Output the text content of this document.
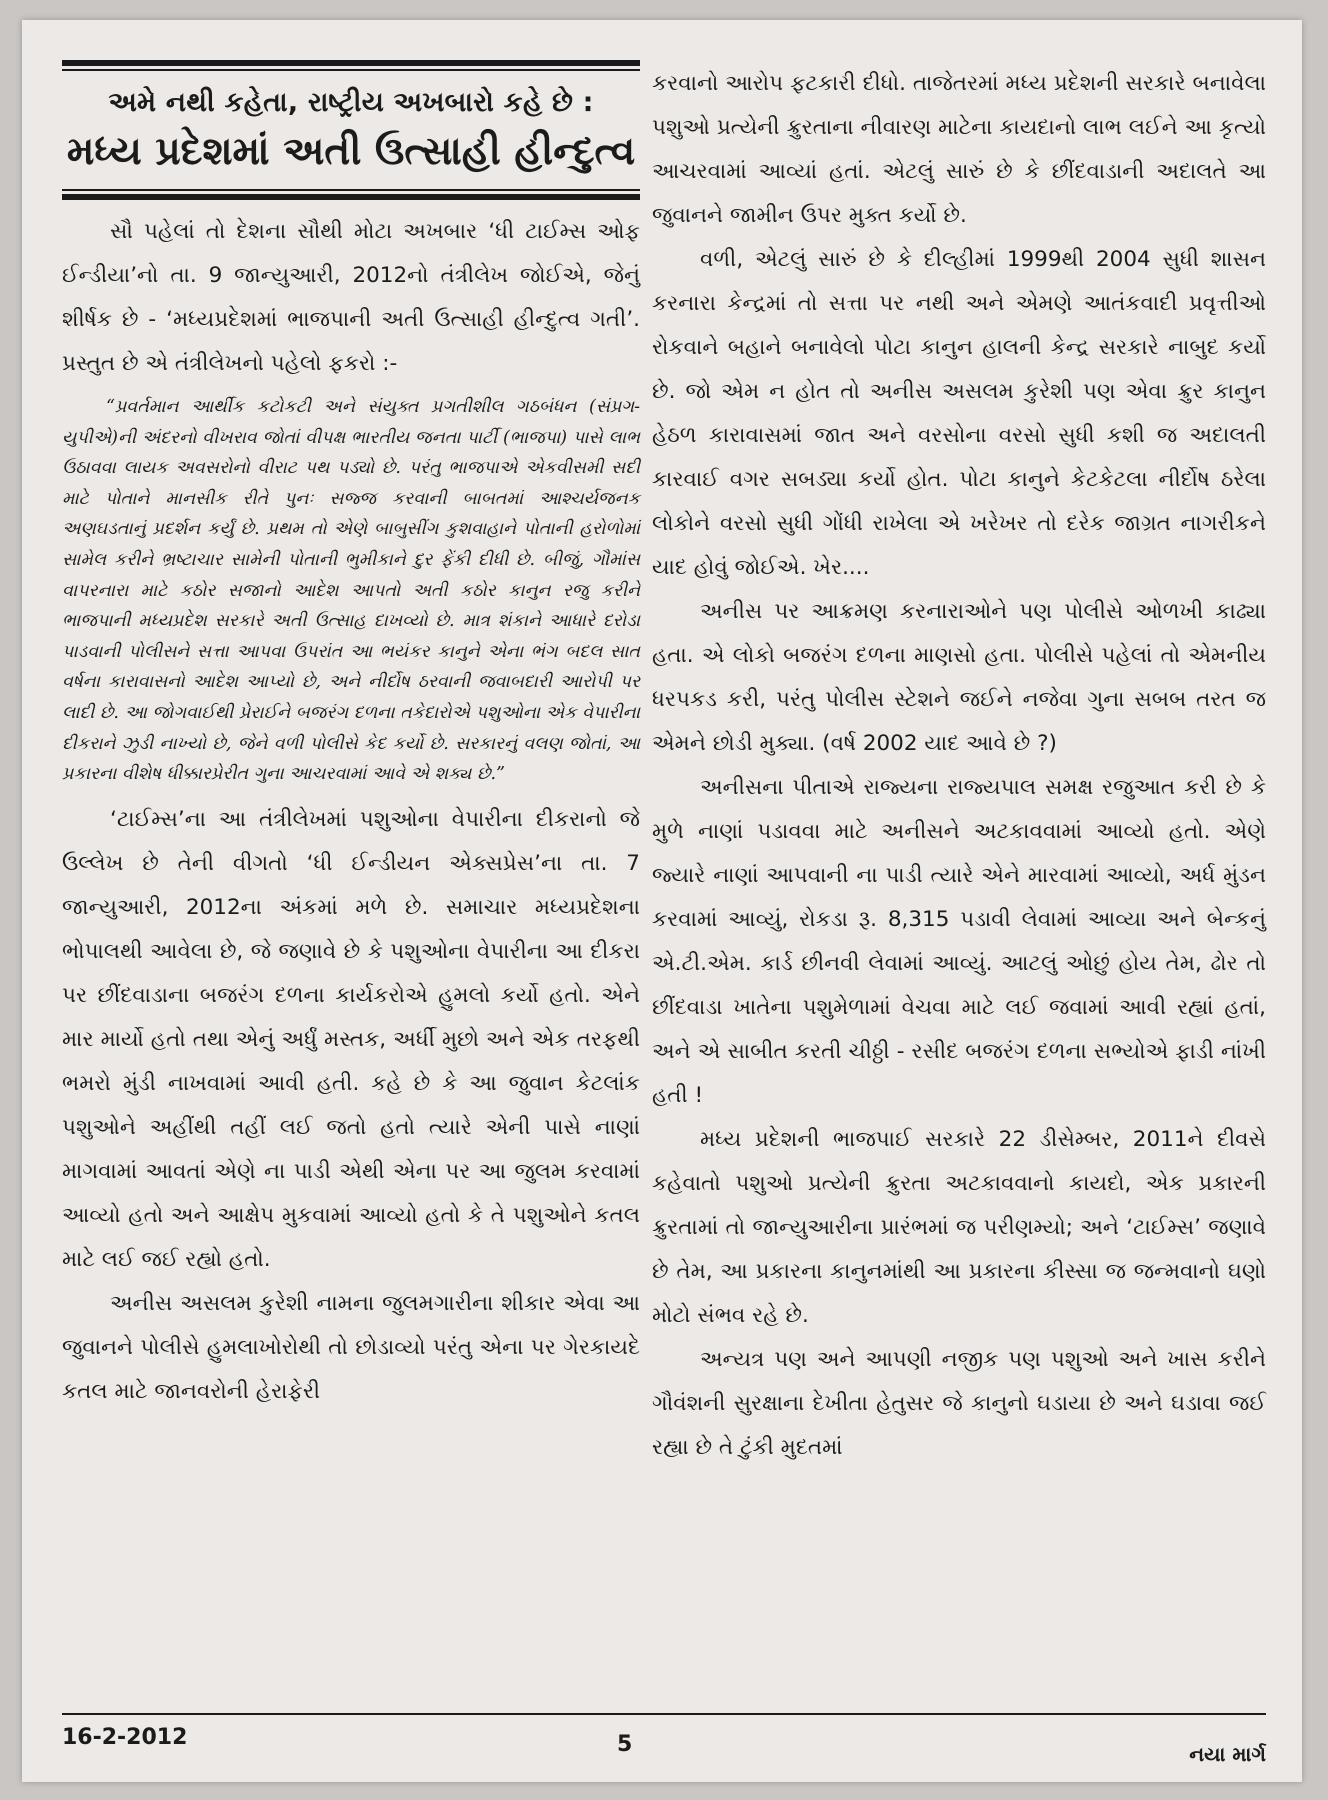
અમે નથી કહેતા, રાષ્ટ્રીય અખબારો કહે છે :
મધ્ય પ્રદેશમાં અતી ઉત્સાહી હીન્દુત્વ

સૌ પહેલાં તો દેશના સૌથી મોટા અખબાર ‘ધી ટાઈમ્સ ઓફ ઈન્ડીયા’નો તા. 9 જાન્યુઆરી, 2012નો તંત્રીલેખ જોઈએ, જેનું શીર્ષક છે - ‘મધ્યપ્રદેશમાં ભાજપાની અતી ઉત્સાહી હીન્દુત્વ ગતી’. પ્રસ્તુત છે એ તંત્રીલેખનો પહેલો ફકરો :-

“પ્રવર્તમાન આર્થીક કટોકટી અને સંયુક્ત પ્રગતીશીલ ગઠબંધન (સંપ્રગ-યુપીએ)ની અંદરનો વીખરાવ જોતાં વીપક્ષ ભારતીય જનતા પાર્ટી (ભાજપા) પાસે લાભ ઉઠાવવા લાયક અવસરોનો વીરાટ પથ પડ્યો છે. પરંતુ ભાજપાએ એકવીસમી સદી માટે પોતાને માનસીક રીતે પુનઃ સજ્જ કરવાની બાબતમાં આશ્ચર્યજનક અણઘડતાનું પ્રદર્શન કર્યું છે. પ્રથમ તો એણે બાબુસીંગ કુશવાહાને પોતાની હરોળોમાં સામેલ કરીને ભ્રષ્ટાચાર સામેની પોતાની ભુમીકાને દુર ફેંકી દીધી છે. બીજું, ગૌમાંસ વાપરનારા માટે કઠોર સજાનો આદેશ આપતો અતી કઠોર કાનુન રજુ કરીને ભાજપાની મધ્યપ્રદેશ સરકારે અતી ઉત્સાહ દાખવ્યો છે. માત્ર શંકાને આધારે દરોડા પાડવાની પોલીસને સત્તા આપવા ઉપરાંત આ ભયંકર કાનુને એના ભંગ બદલ સાત વર્ષના કારાવાસનો આદેશ આપ્યો છે, અને નીર્દોષ ઠરવાની જવાબદારી આરોપી પર લાદી છે. આ જોગવાઈથી પ્રેરાઈને બજરંગ દળના તકેદારોએ પશુઓના એક વેપારીના દીકરાને ઝુડી નાખ્યો છે, જેને વળી પોલીસે કેદ કર્યો છે. સરકારનું વલણ જોતાં, આ પ્રકારના વીશેષ ધીક્કારપ્રેરીત ગુના આચરવામાં આવે એ શક્ય છે.”

‘ટાઈમ્સ’ના આ તંત્રીલેખમાં પશુઓના વેપારીના દીકરાનો જે ઉલ્લેખ છે તેની વીગતો ‘ધી ઈન્ડીયન એક્સપ્રેસ’ના તા. 7 જાન્યુઆરી, 2012ના અંકમાં મળે છે. સમાચાર મધ્યપ્રદેશના ભોપાલથી આવેલા છે, જે જણાવે છે કે પશુઓના વેપારીના આ દીકરા પર છીંદવાડાના બજરંગ દળના કાર્યકરોએ હુમલો કર્યો હતો. એને માર માર્યો હતો તથા એનું અર્ધું મસ્તક, અર્ધી મુછો અને એક તરફથી ભમરો મુંડી નાખવામાં આવી હતી. કહે છે કે આ જુવાન કેટલાંક પશુઓને અહીંથી તહીં લઈ જતો હતો ત્યારે એની પાસે નાણાં માગવામાં આવતાં એણે ના પાડી એથી એના પર આ જુલમ કરવામાં આવ્યો હતો અને આક્ષેપ મુકવામાં આવ્યો હતો કે તે પશુઓને કતલ માટે લઈ જઈ રહ્યો હતો.

અનીસ અસલમ કુરેશી નામના જુલમગારીના શીકાર એવા આ જુવાનને પોલીસે હુમલાખોરોથી તો છોડાવ્યો પરંતુ એના પર ગેરકાયદે કતલ માટે જાનવરોની હેરાફેરી

કરવાનો આરોપ ફટકારી દીધો. તાજેતરમાં મધ્ય પ્રદેશની સરકારે બનાવેલા પશુઓ પ્રત્યેની ક્રુરતાના નીવારણ માટેના કાયદાનો લાભ લઈને આ કૃત્યો આચરવામાં આવ્યાં હતાં. એટલું સારું છે કે છીંદવાડાની અદાલતે આ જુવાનને જામીન ઉપર મુક્ત કર્યો છે.

વળી, એટલું સારું છે કે દીલ્હીમાં 1999થી 2004 સુધી શાસન કરનારા કેન્દ્રમાં તો સત્તા પર નથી અને એમણે આતંકવાદી પ્રવૃત્તીઓ રોકવાને બહાને બનાવેલો પોટા કાનુન હાલની કેન્દ્ર સરકારે નાબુદ કર્યો છે. જો એમ ન હોત તો અનીસ અસલમ કુરેશી પણ એવા ક્રુર કાનુન હેઠળ કારાવાસમાં જાત અને વરસોના વરસો સુધી કશી જ અદાલતી કારવાઈ વગર સબડ્યા કર્યો હોત. પોટા કાનુને કેટકેટલા નીર્દોષ ઠરેલા લોકોને વરસો સુધી ગોંધી રાખેલા એ ખરેખર તો દરેક જાગ્રત નાગરીકને યાદ હોવું જોઈએ. ખેર....

અનીસ પર આક્રમણ કરનારાઓને પણ પોલીસે ઓળખી કાઢ્યા હતા. એ લોકો બજરંગ દળના માણસો હતા. પોલીસે પહેલાં તો એમનીય ધરપકડ કરી, પરંતુ પોલીસ સ્ટેશને જઈને નજેવા ગુના સબબ તરત જ એમને છોડી મુક્યા. (વર્ષ 2002 યાદ આવે છે ?)

અનીસના પીતાએ રાજ્યના રાજ્યપાલ સમક્ષ રજુઆત કરી છે કે મુળે નાણાં પડાવવા માટે અનીસને અટકાવવામાં આવ્યો હતો. એણે જ્યારે નાણાં આપવાની ના પાડી ત્યારે એને મારવામાં આવ્યો, અર્ધ મુંડન કરવામાં આવ્યું, રોકડા રૂ. 8,315 પડાવી લેવામાં આવ્યા અને બેન્કનું એ.ટી.એમ. કાર્ડ છીનવી લેવામાં આવ્યું. આટલું ઓછું હોય તેમ, ઢોર તો છીંદવાડા ખાતેના પશુમેળામાં વેચવા માટે લઈ જવામાં આવી રહ્યાં હતાં, અને એ સાબીત કરતી ચીઠ્ઠી - રસીદ બજરંગ દળના સભ્યોએ ફાડી નાંખી હતી !

મધ્ય પ્રદેશની ભાજપાઈ સરકારે 22 ડીસેમ્બર, 2011ને દીવસે કહેવાતો પશુઓ પ્રત્યેની ક્રુરતા અટકાવવાનો કાયદો, એક પ્રકારની ક્રુરતામાં તો જાન્યુઆરીના પ્રારંભમાં જ પરીણમ્યો; અને ‘ટાઈમ્સ’ જણાવે છે તેમ, આ પ્રકારના કાનુનમાંથી આ પ્રકારના કીસ્સા જ જન્મવાનો ઘણો મોટો સંભવ રહે છે.

અન્યત્ર પણ અને આપણી નજીક પણ પશુઓ અને ખાસ કરીને ગૌવંશની સુરક્ષાના દેખીતા હેતુસર જે કાનુનો ઘડાયા છે અને ઘડાવા જઈ રહ્યા છે તે ટુંકી મુદતમાં

16-2-2012	5	નયા માર્ગ
